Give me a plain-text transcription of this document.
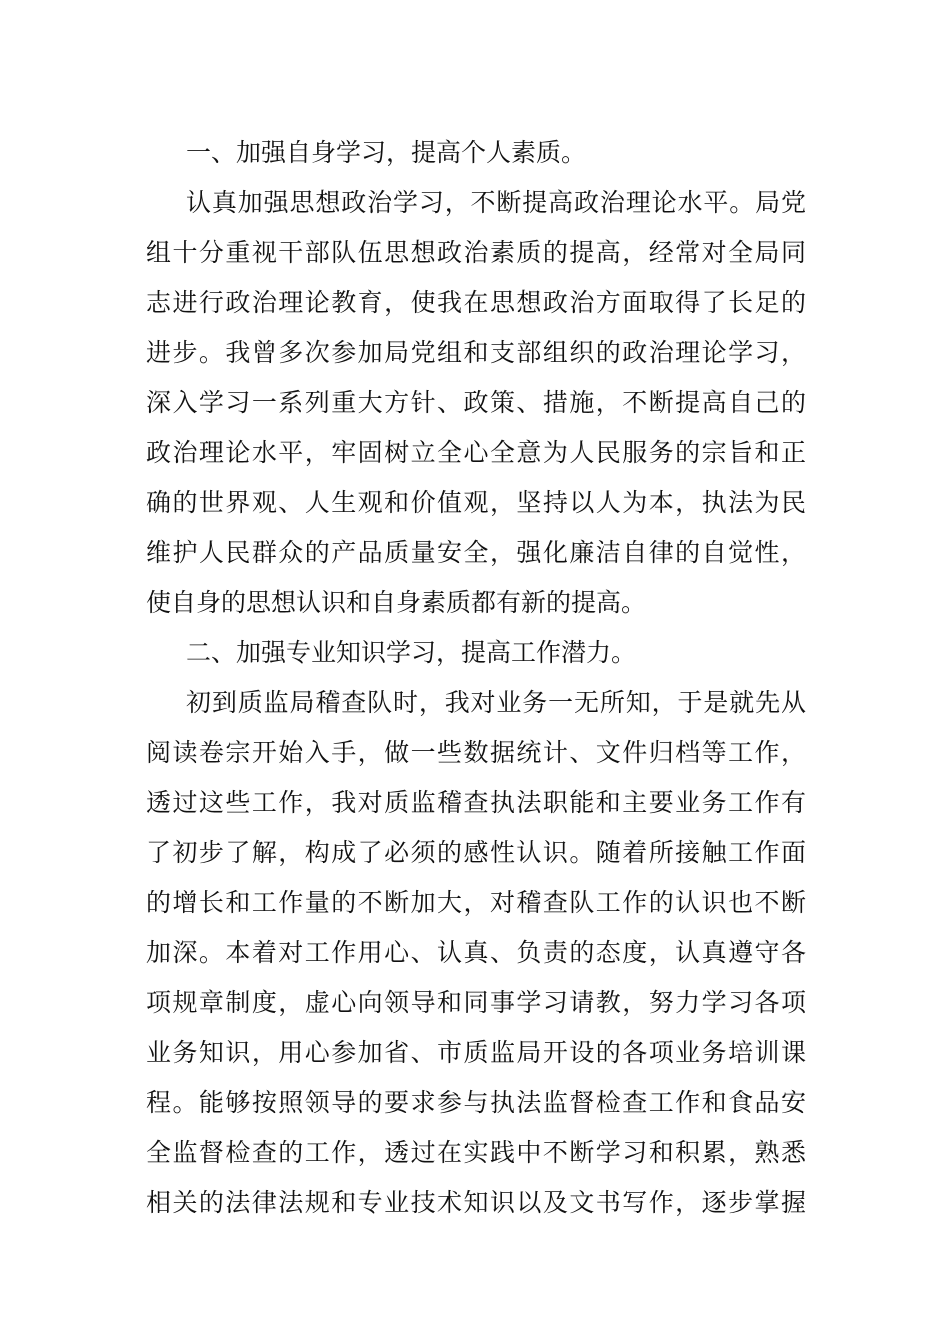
一、加强自身学习，提高个人素质。
认真加强思想政治学习，不断提高政治理论水平。局党
组十分重视干部队伍思想政治素质的提高，经常对全局同
志进行政治理论教育，使我在思想政治方面取得了长足的
进步。我曾多次参加局党组和支部组织的政治理论学习，
深入学习一系列重大方针、政策、措施，不断提高自己的
政治理论水平，牢固树立全心全意为人民服务的宗旨和正
确的世界观、人生观和价值观，坚持以人为本，执法为民
维护人民群众的产品质量安全，强化廉洁自律的自觉性，
使自身的思想认识和自身素质都有新的提高。
二、加强专业知识学习，提高工作潜力。
初到质监局稽查队时，我对业务一无所知，于是就先从
阅读卷宗开始入手，做一些数据统计、文件归档等工作，
透过这些工作，我对质监稽查执法职能和主要业务工作有
了初步了解，构成了必须的感性认识。随着所接触工作面
的增长和工作量的不断加大，对稽查队工作的认识也不断
加深。本着对工作用心、认真、负责的态度，认真遵守各
项规章制度，虚心向领导和同事学习请教，努力学习各项
业务知识，用心参加省、市质监局开设的各项业务培训课
程。能够按照领导的要求参与执法监督检查工作和食品安
全监督检查的工作，透过在实践中不断学习和积累，熟悉
相关的法律法规和专业技术知识以及文书写作，逐步掌握
